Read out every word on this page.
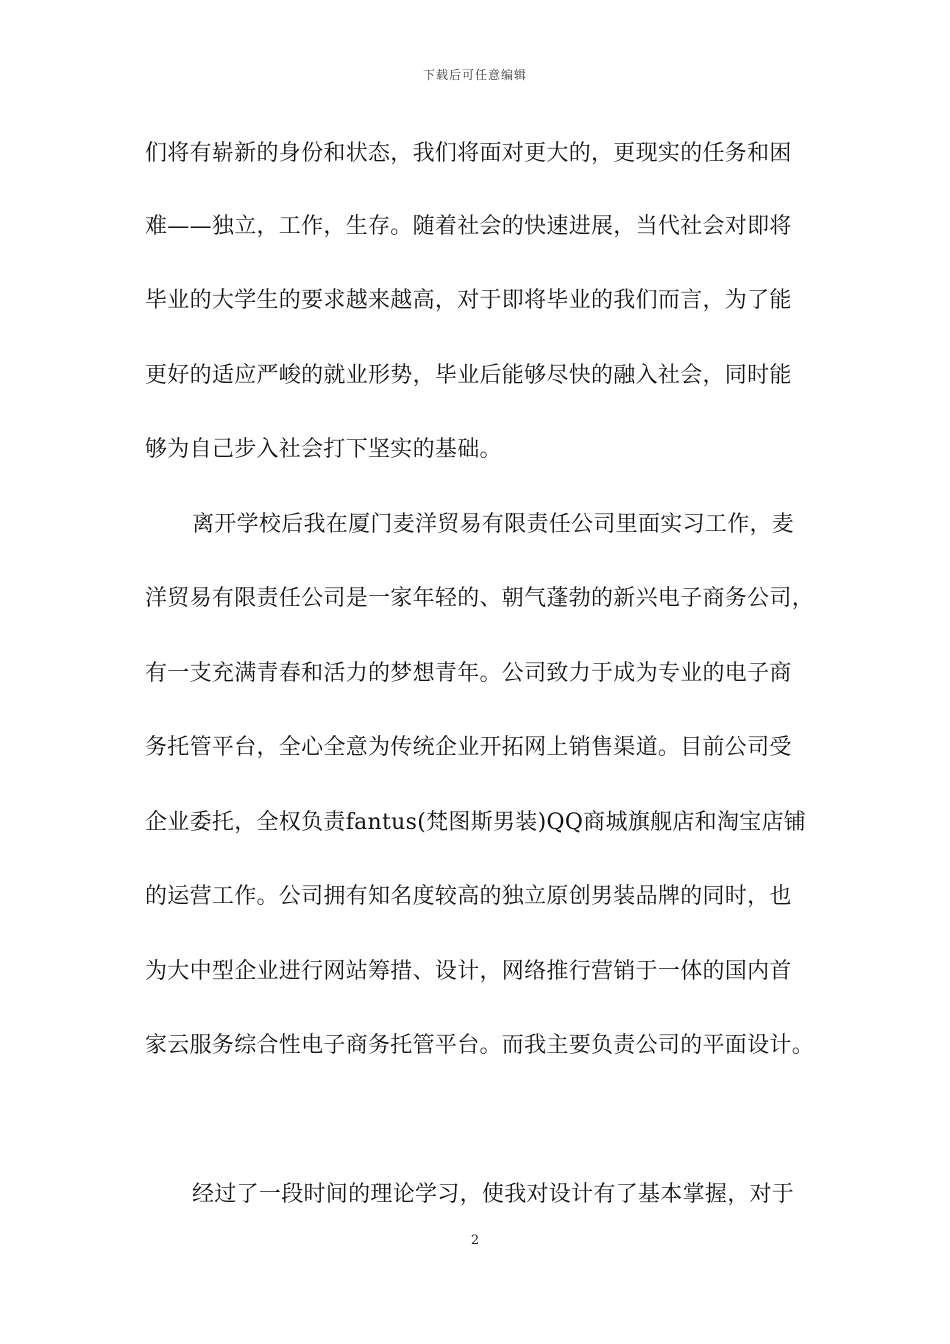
下载后可任意编辑
们将有崭新的身份和状态，我们将面对更大的，更现实的任务和困
难——独立，工作，生存。随着社会的快速进展，当代社会对即将
毕业的大学生的要求越来越高，对于即将毕业的我们而言，为了能
更好的适应严峻的就业形势，毕业后能够尽快的融入社会，同时能
够为自己步入社会打下坚实的基础。
离开学校后我在厦门麦洋贸易有限责任公司里面实习工作，麦
洋贸易有限责任公司是一家年轻的、朝气蓬勃的新兴电子商务公司，
有一支充满青春和活力的梦想青年。公司致力于成为专业的电子商
务托管平台，全心全意为传统企业开拓网上销售渠道。目前公司受
企业委托，全权负责fantus(梵图斯男装)QQ商城旗舰店和淘宝店铺
的运营工作。公司拥有知名度较高的独立原创男装品牌的同时，也
为大中型企业进行网站筹措、设计，网络推行营销于一体的国内首
家云服务综合性电子商务托管平台。而我主要负责公司的平面设计。
经过了一段时间的理论学习，使我对设计有了基本掌握，对于
2
